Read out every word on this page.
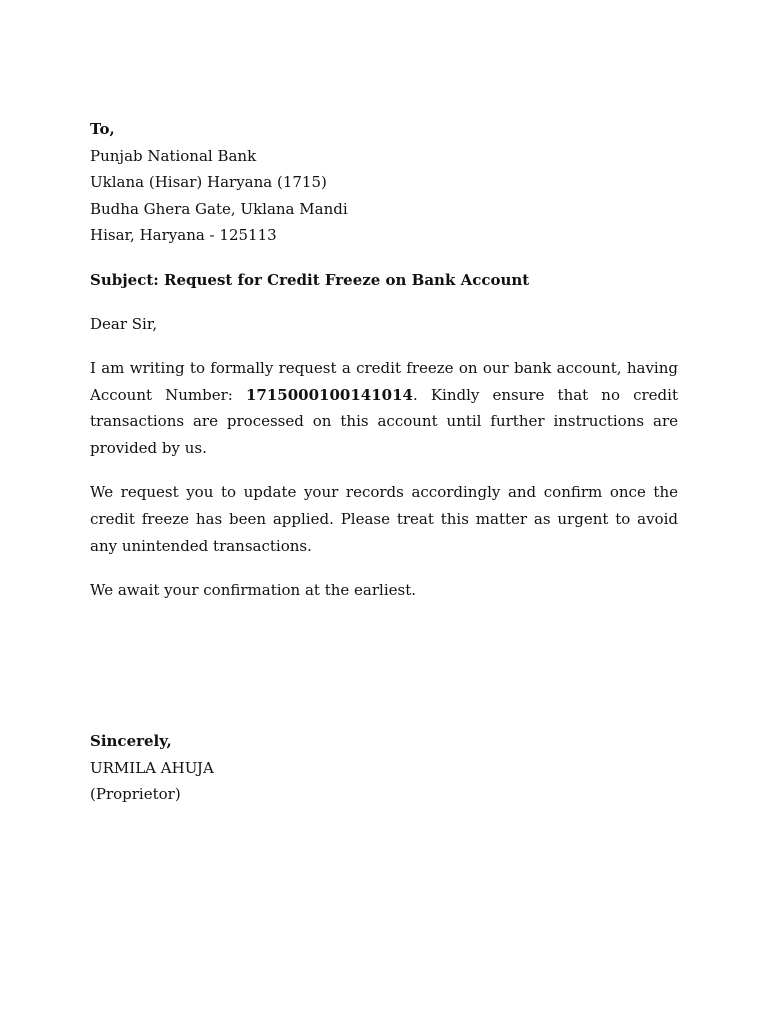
To,
Punjab National Bank
Uklana (Hisar) Haryana (1715)
Budha Ghera Gate, Uklana Mandi
Hisar, Haryana - 125113
Subject: Request for Credit Freeze on Bank Account
Dear Sir,

I am writing to formally request a credit freeze on our bank account, having Account Number: 1715000100141014. Kindly ensure that no credit transactions are processed on this account until further instructions are provided by us.

We request you to update your records accordingly and confirm once the credit freeze has been applied. Please treat this matter as urgent to avoid any unintended transactions.

We await your confirmation at the earliest.

Sincerely,
URMILA AHUJA
(Proprietor)
